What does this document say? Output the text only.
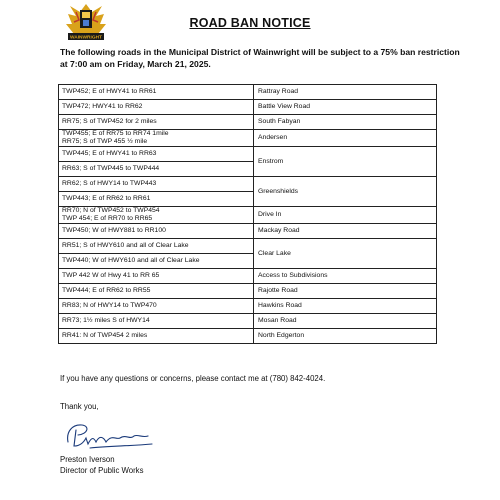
WAINWRIGHT
ROAD BAN NOTICE
The following roads in the Municipal District of Wainwright will be subject to a 75% ban restriction at 7:00 am on Friday, March 21, 2025.
TWP452; E of HWY41 to RR61	Rattray Road
TWP472; HWY41 to RR62	Battle View Road
RR75; S of TWP452 for 2 miles	South Fabyan

TWP455; E of RR75 to RR74 1mile
RR75; S of TWP 455 ½ mile	Andersen
TWP445; E of HWY41 to RR63	Enstrom
RR63; S of TWP445 to TWP444	
RR62; S of HWY14 to TWP443	Greenshields
TWP443; E of RR62 to RR61	

RR70; N of TWP452 to TWP454
TWP 454; E of RR70 to RR65	Drive In
TWP450; W of HWY881 to RR100	Mackay Road
RR51; S of HWY610 and all of Clear Lake	Clear Lake
TWP440; W of HWY610 and all of Clear Lake	
TWP 442 W of Hwy 41 to RR 65	Access to Subdivisions
TWP444; E of RR62 to RR55	Rajotte Road
RR83; N of HWY14 to TWP470	Hawkins Road
RR73; 1½ miles S of HWY14	Mosan Road
RR41: N of TWP454 2 miles	North Edgerton
If you have any questions or concerns, please contact me at (780) 842-4024.
Thank you,
Preston Iverson
Director of Public Works
